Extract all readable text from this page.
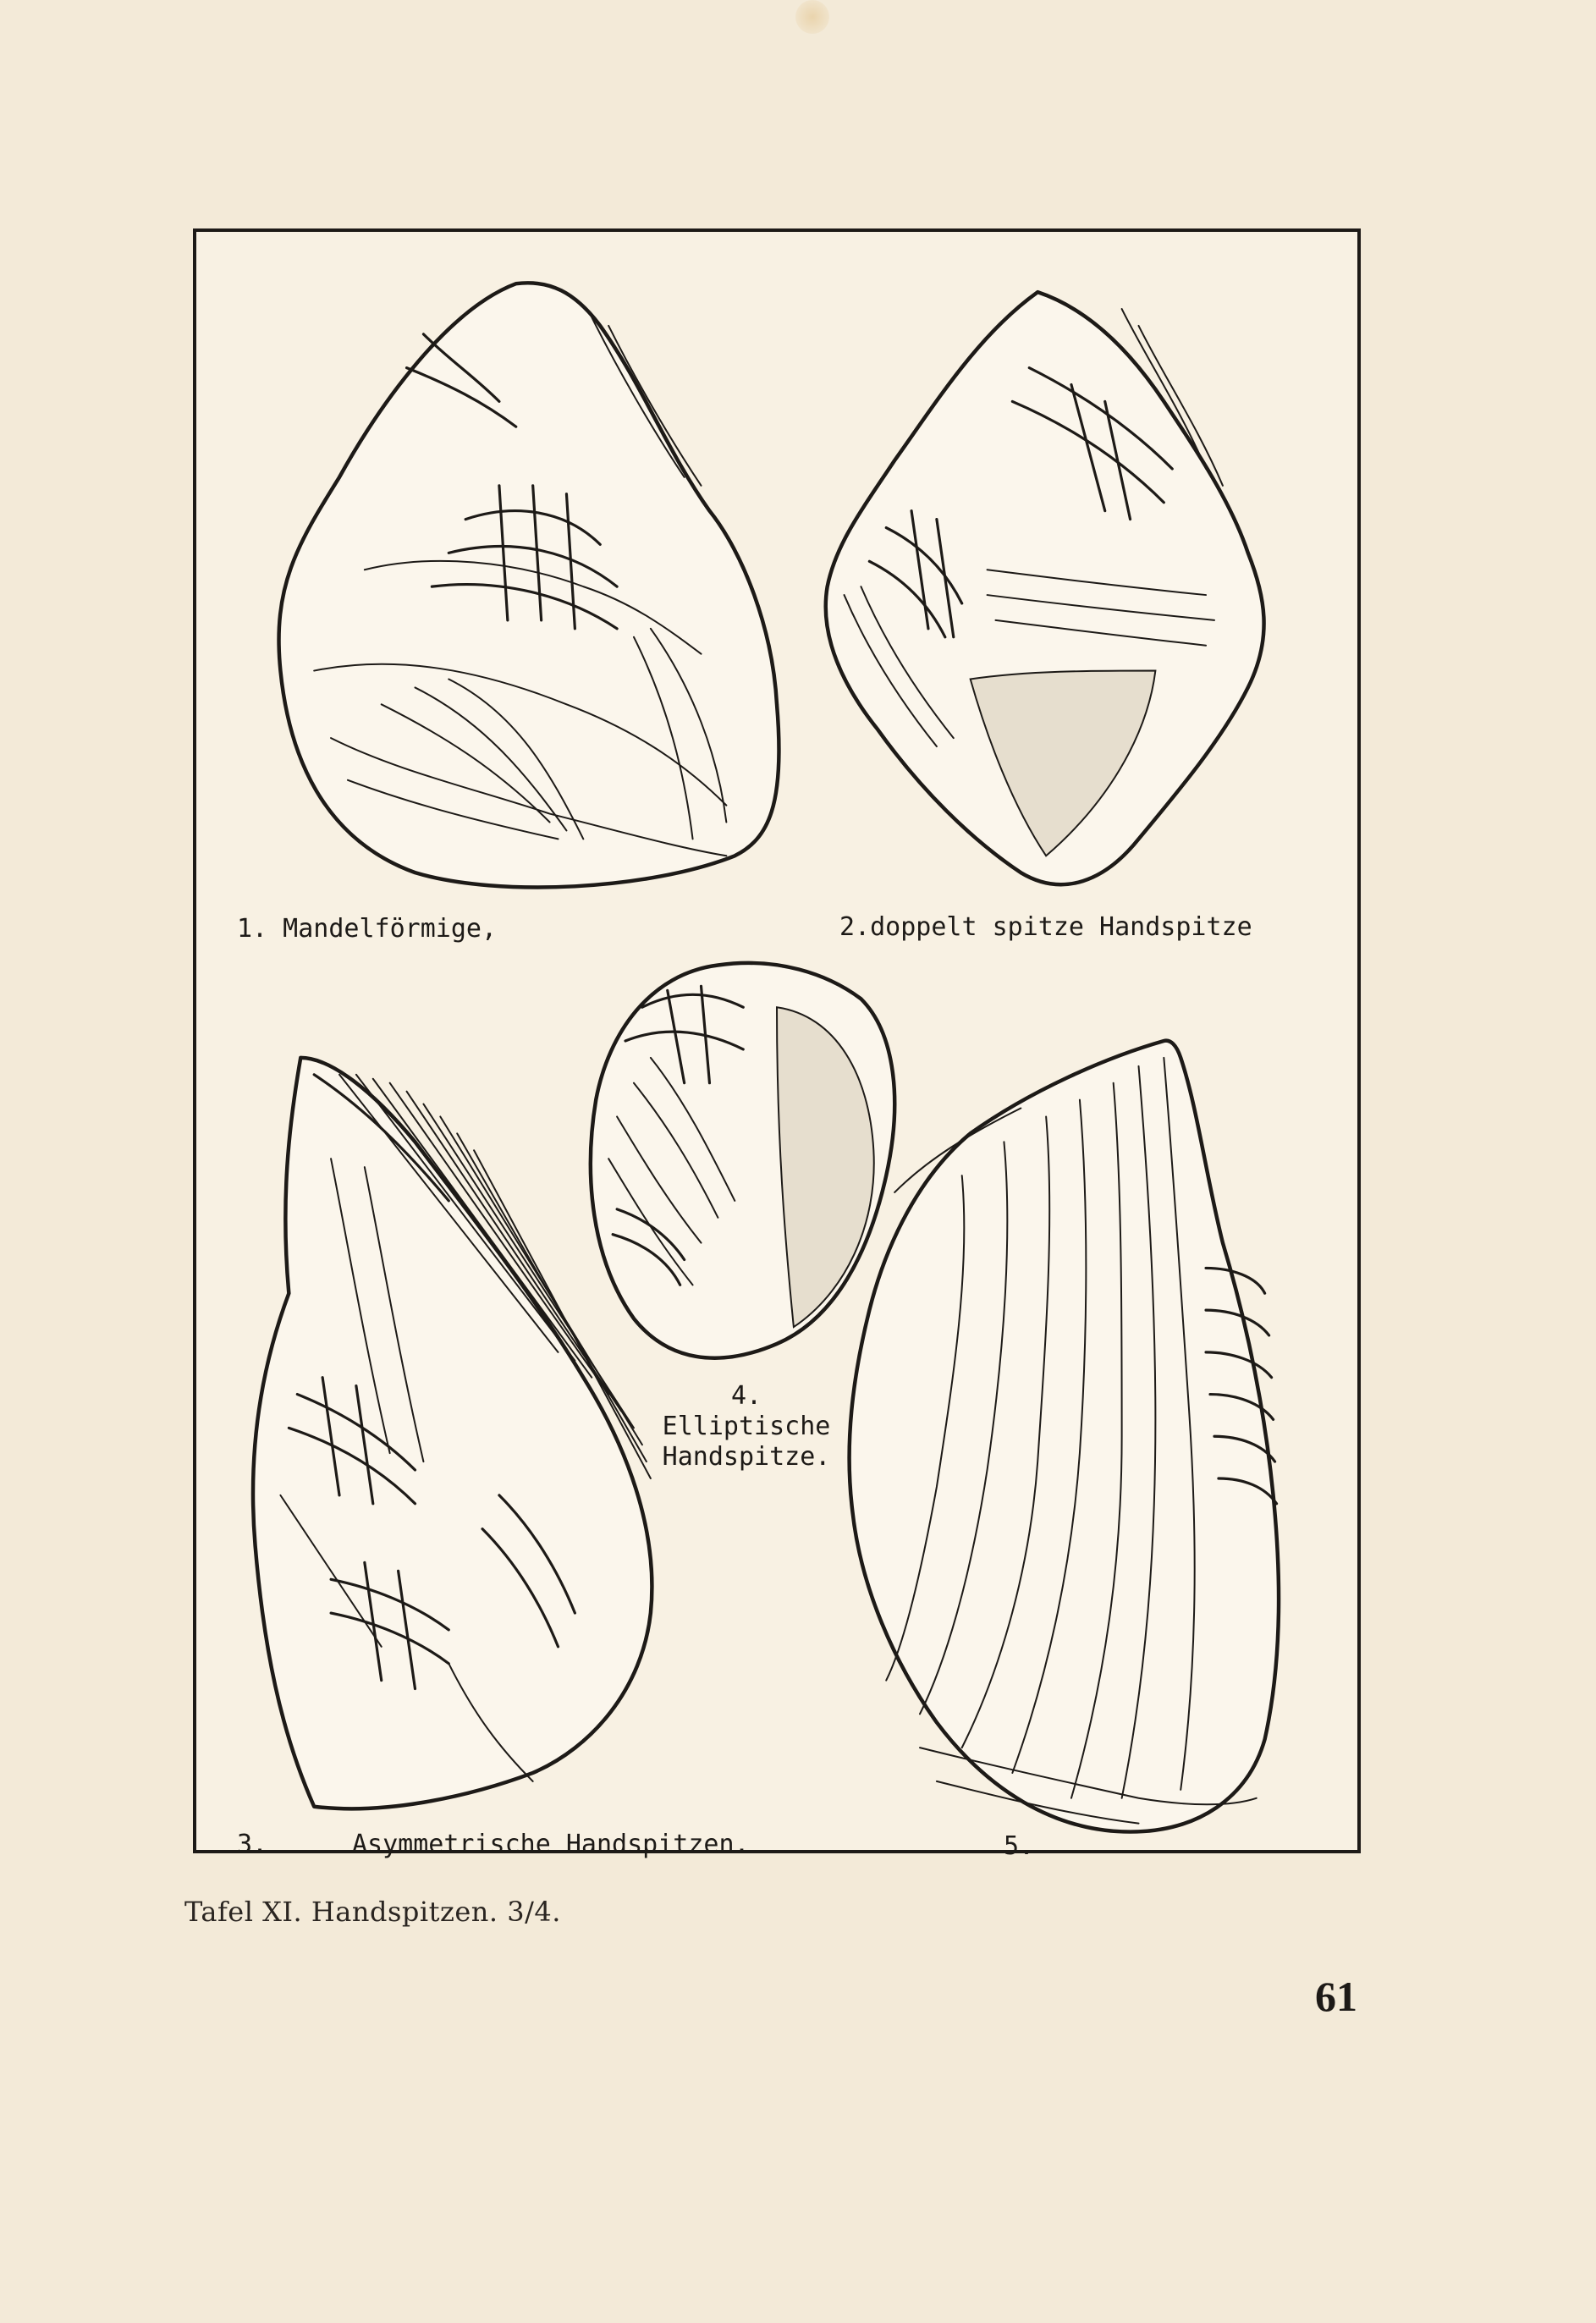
1. Mandelförmige,	2.doppelt spitze Handspitze
4.
Elliptische
Handspitze.
3.	Asymmetrische Handspitzen.	5.
Tafel XI. Handspitzen. 3/4.
61
